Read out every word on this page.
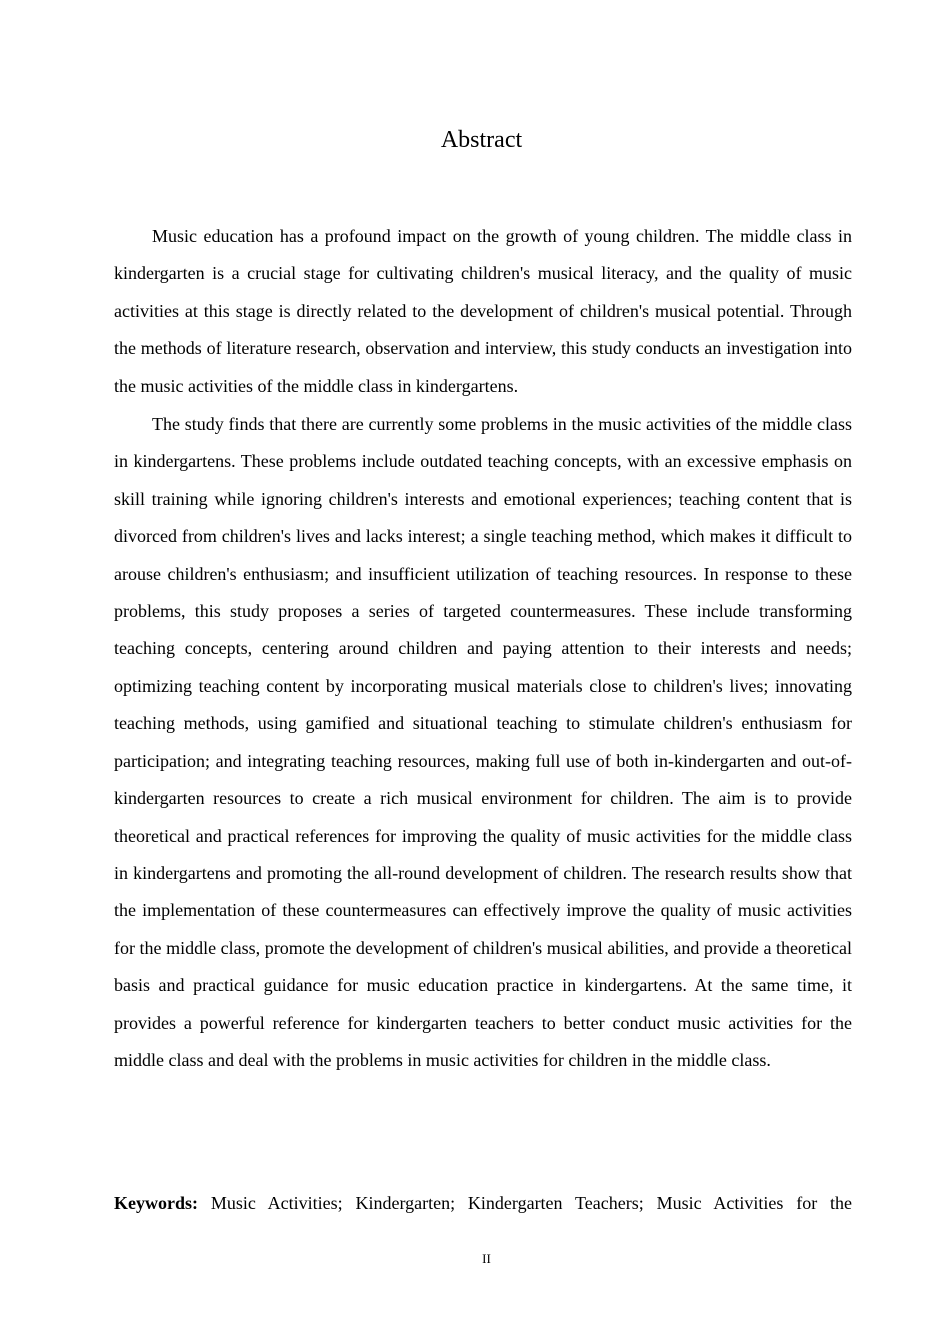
Abstract

Music education has a profound impact on the growth of young children. The middle class in kindergarten is a crucial stage for cultivating children's musical literacy, and the quality of music activities at this stage is directly related to the development of children's musical potential. Through the methods of literature research, observation and interview, this study conducts an investigation into the music activities of the middle class in kindergartens.

The study finds that there are currently some problems in the music activities of the middle class in kindergartens. These problems include outdated teaching concepts, with an excessive emphasis on skill training while ignoring children's interests and emotional experiences; teaching content that is divorced from children's lives and lacks interest; a single teaching method, which makes it difficult to arouse children's enthusiasm; and insufficient utilization of teaching resources. In response to these problems, this study proposes a series of targeted countermeasures. These include transforming teaching concepts, centering around children and paying attention to their interests and needs; optimizing teaching content by incorporating musical materials close to children's lives; innovating teaching methods, using gamified and situational teaching to stimulate children's enthusiasm for participation; and integrating teaching resources, making full use of both in-kindergarten and out-of-kindergarten resources to create a rich musical environment for children. The aim is to provide theoretical and practical references for improving the quality of music activities for the middle class in kindergartens and promoting the all-round development of children. The research results show that the implementation of these countermeasures can effectively improve the quality of music activities for the middle class, promote the development of children's musical abilities, and provide a theoretical basis and practical guidance for music education practice in kindergartens. At the same time, it provides a powerful reference for kindergarten teachers to better conduct music activities for the middle class and deal with the problems in music activities for children in the middle class.

Keywords: Music Activities; Kindergarten; Kindergarten Teachers; Music Activities for the
II
